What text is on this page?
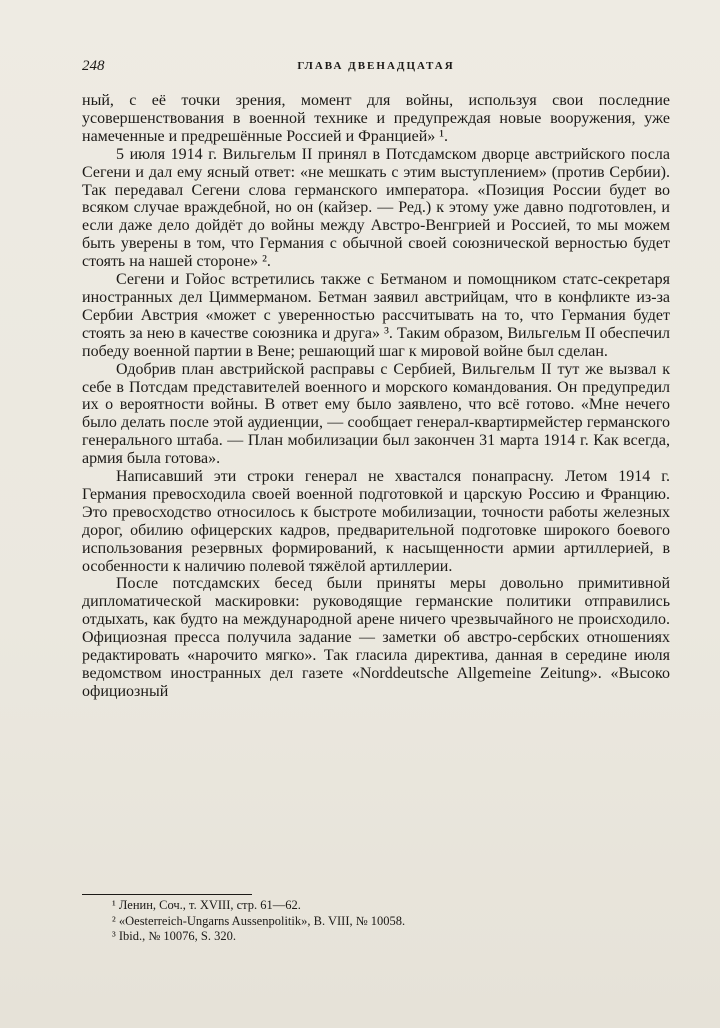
248	ГЛАВА ДВЕНАДЦАТАЯ

ный, с её точки зрения, момент для войны, используя свои последние усовершенствования в военной технике и предупреждая новые вооружения, уже намеченные и предрешённые Россией и Францией» ¹.

5 июля 1914 г. Вильгельм II принял в Потсдамском дворце австрийского посла Сегени и дал ему ясный ответ: «не мешкать с этим выступлением» (против Сербии). Так передавал Сегени слова германского императора. «Позиция России будет во всяком случае враждебной, но он (кайзер. — Ред.) к этому уже давно подготовлен, и если даже дело дойдёт до войны между Австро-Венгрией и Россией, то мы можем быть уверены в том, что Германия с обычной своей союзнической верностью будет стоять на нашей стороне» ².

Сегени и Гойос встретились также с Бетманом и помощником статс-секретаря иностранных дел Циммерманом. Бетман заявил австрийцам, что в конфликте из-за Сербии Австрия «может с уверенностью рассчитывать на то, что Германия будет стоять за нею в качестве союзника и друга» ³. Таким образом, Вильгельм II обеспечил победу военной партии в Вене; решающий шаг к мировой войне был сделан.

Одобрив план австрийской расправы с Сербией, Вильгельм II тут же вызвал к себе в Потсдам представителей военного и морского командования. Он предупредил их о вероятности войны. В ответ ему было заявлено, что всё готово. «Мне нечего было делать после этой аудиенции, — сообщает генерал-квартирмейстер германского генерального штаба. — План мобилизации был закончен 31 марта 1914 г. Как всегда, армия была готова».

Написавший эти строки генерал не хвастался понапрасну. Летом 1914 г. Германия превосходила своей военной подготовкой и царскую Россию и Францию. Это превосходство относилось к быстроте мобилизации, точности работы железных дорог, обилию офицерских кадров, предварительной подготовке широкого боевого использования резервных формирований, к насыщенности армии артиллерией, в особенности к наличию полевой тяжёлой артиллерии.

После потсдамских бесед были приняты меры довольно примитивной дипломатической маскировки: руководящие германские политики отправились отдыхать, как будто на международной арене ничего чрезвычайного не происходило. Официозная пресса получила задание — заметки об австро-сербских отношениях редактировать «нарочито мягко». Так гласила директива, данная в середине июля ведомством иностранных дел газете «Norddeutsche Allgemeine Zeitung». «Высоко официозный

¹ Ленин, Соч., т. XVIII, стр. 61—62.

² «Oesterreich-Ungarns Aussenpolitik», B. VIII, № 10058.

³ Ibid., № 10076, S. 320.
